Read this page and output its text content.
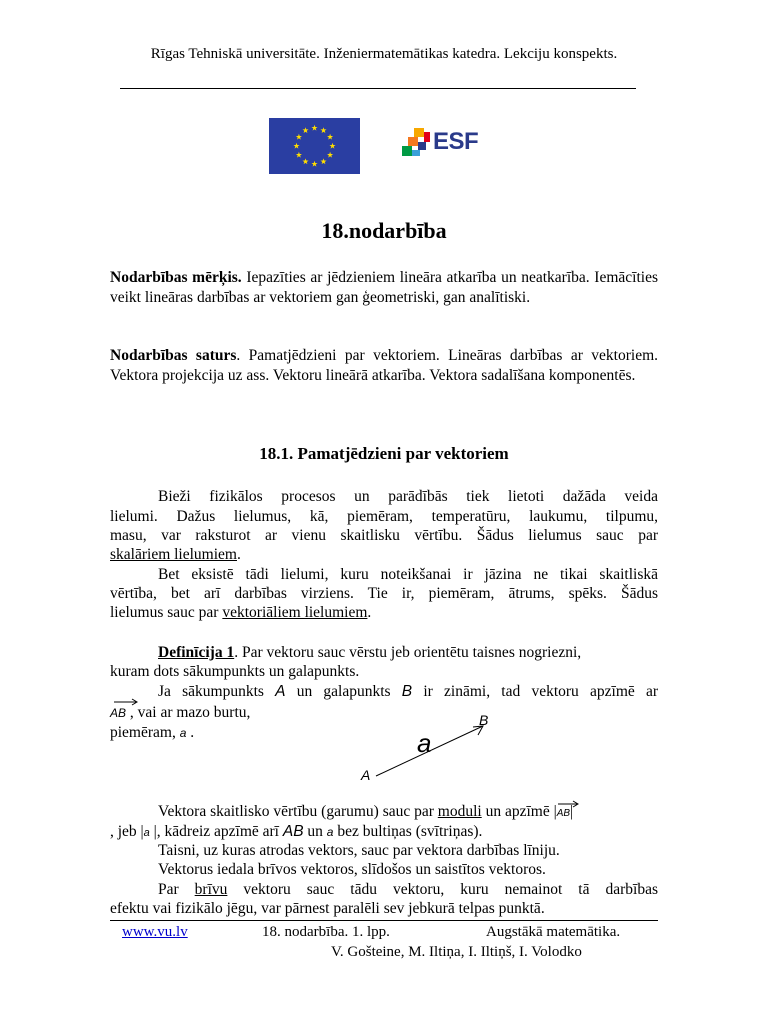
Rīgas Tehniskā universitāte. Inženiermatemātikas katedra. Lekciju konspekts.
ESF
18.nodarbība
Nodarbības mērķis. Iepazīties ar jēdzieniem lineāra atkarība un neatkarība. Iemācīties veikt lineāras darbības ar vektoriem gan ģeometriski, gan analītiski.
Nodarbības saturs. Pamatjēdzieni par vektoriem. Lineāras darbības ar vektoriem. Vektora projekcija uz ass. Vektoru lineārā atkarība. Vektora sadalīšana komponentēs.
18.1. Pamatjēdzieni par vektoriem
Bieži fizikālos procesos un parādībās tiek lietoti dažāda veida
lielumi. Dažus lielumus, kā, piemēram, temperatūru, laukumu, tilpumu,
masu, var raksturot ar vienu skaitlisku vērtību. Šādus lielumus sauc par
skalāriem lielumiem.
Bet eksistē tādi lielumi, kuru noteikšanai ir jāzina ne tikai skaitliskā
vērtība, bet arī darbības virziens. Tie ir, piemēram, ātrums, spēks. Šādus
lielumus sauc par vektoriāliem lielumiem.
Definīcija 1. Par vektoru sauc vērstu jeb orientētu taisnes nogriezni,
kuram dots sākumpunkts un galapunkts.
Ja sākumpunkts A un galapunkts B ir zināmi, tad vektoru apzīmē ar
AB , vai ar mazo burtu,
piemēram, a .	a
A
B
Vektora skaitlisko vērtību (garumu) sauc par moduli un apzīmē |
AB|
, jeb |a |, kādreiz apzīmē arī AB un a bez bultiņas (svītriņas).
Taisni, uz kuras atrodas vektors, sauc par vektora darbības līniju.
Vektorus iedala brīvos vektoros, slīdošos un saistītos vektoros.
Par brīvu vektoru sauc tādu vektoru, kuru nemainot tā darbības
efektu vai fizikālo jēgu, var pārnest paralēli sev jebkurā telpas punktā.
www.vu.lv	18. nodarbība. 1. lpp.	Augstākā matemātika.
V. Gošteine, M. Iltiņa, I. Iltiņš, I. Volodko
